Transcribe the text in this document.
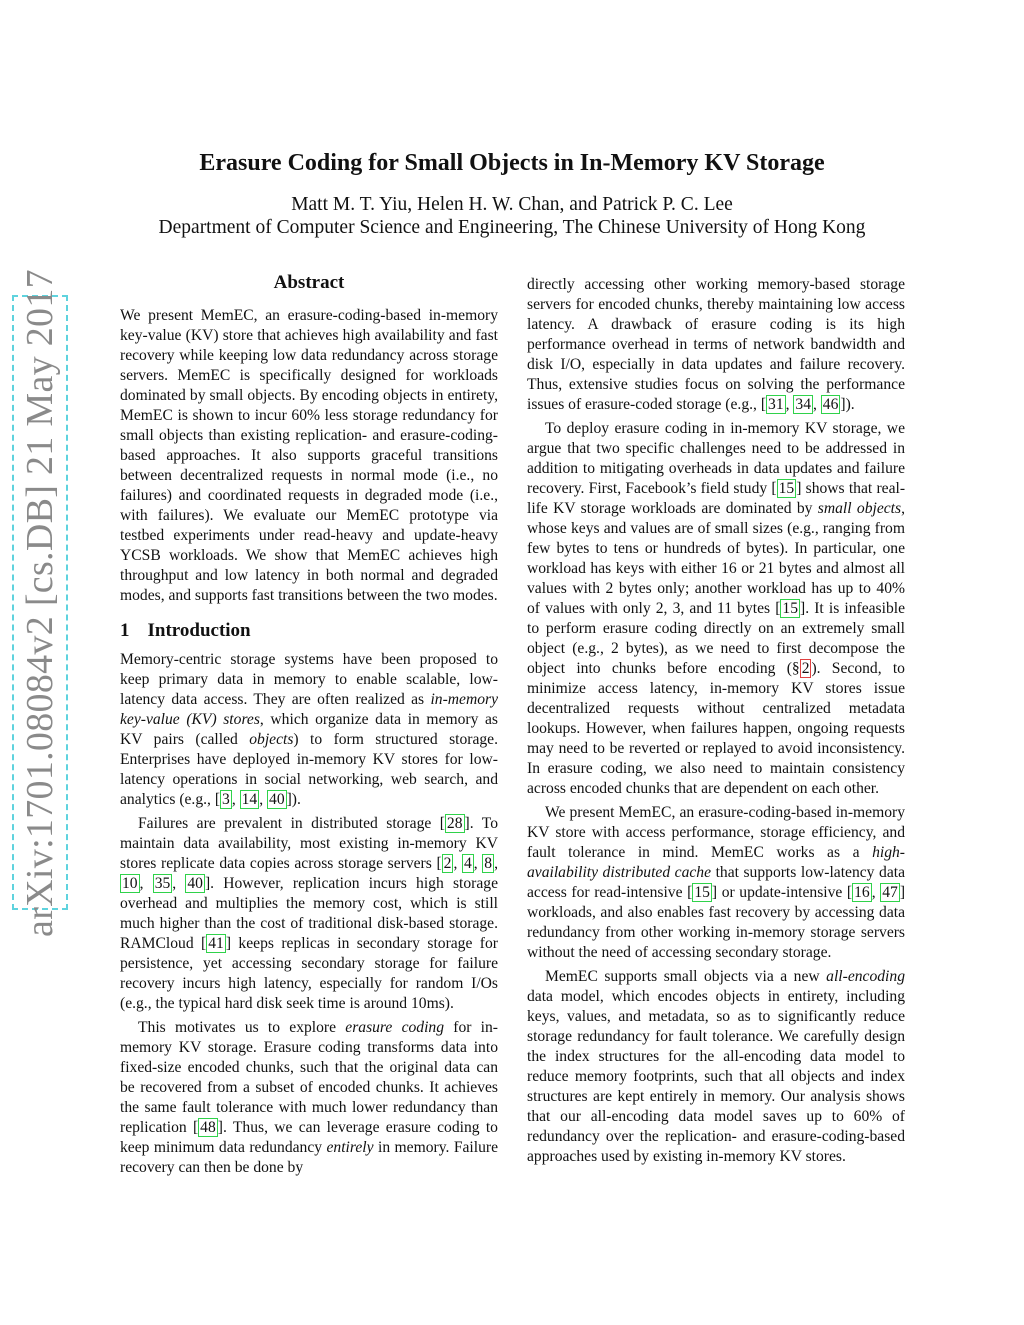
arXiv:1701.08084v2 [cs.DB] 21 May 2017
Erasure Coding for Small Objects in In-Memory KV Storage

Matt M. T. Yiu, Helen H. W. Chan, and Patrick P. C. Lee

Department of Computer Science and Engineering, The Chinese University of Hong Kong

Abstract

We present MemEC, an erasure-coding-based in-memory key-value (KV) store that achieves high availability and fast recovery while keeping low data redundancy across storage servers. MemEC is specifically designed for workloads dominated by small objects. By encoding objects in entirety, MemEC is shown to incur 60% less storage redundancy for small objects than existing replication- and erasure-coding-based approaches. It also supports graceful transitions between decentralized requests in normal mode (i.e., no failures) and coordinated requests in degraded mode (i.e., with failures). We evaluate our MemEC prototype via testbed experiments under read-heavy and update-heavy YCSB workloads. We show that MemEC achieves high throughput and low latency in both normal and degraded modes, and supports fast transitions between the two modes.

1 Introduction

Memory-centric storage systems have been proposed to keep primary data in memory to enable scalable, low-latency data access. They are often realized as in-memory key-value (KV) stores, which organize data in memory as KV pairs (called objects) to form structured storage. Enterprises have deployed in-memory KV stores for low-latency operations in social networking, web search, and analytics (e.g., [ 3 , 14 , 40 ]).

Failures are prevalent in distributed storage [ 28 ]. To maintain data availability, most existing in-memory KV stores replicate data copies across storage servers [ 2 , 4 , 8 , 10 , 35 , 40 ]. However, replication incurs high storage overhead and multiplies the memory cost, which is still much higher than the cost of traditional disk-based storage. RAMCloud [ 41 ] keeps replicas in secondary storage for persistence, yet accessing secondary storage for failure recovery incurs high latency, especially for random I/Os (e.g., the typical hard disk seek time is around 10ms).

This motivates us to explore erasure coding for in-memory KV storage. Erasure coding transforms data into fixed-size encoded chunks, such that the original data can be recovered from a subset of encoded chunks. It achieves the same fault tolerance with much lower redundancy than replication [ 48 ]. Thus, we can leverage erasure coding to keep minimum data redundancy entirely in memory. Failure recovery can then be done by

directly accessing other working memory-based storage servers for encoded chunks, thereby maintaining low access latency. A drawback of erasure coding is its high performance overhead in terms of network bandwidth and disk I/O, especially in data updates and failure recovery. Thus, extensive studies focus on solving the performance issues of erasure-coded storage (e.g., [ 31 , 34 , 46 ]).

To deploy erasure coding in in-memory KV storage, we argue that two specific challenges need to be addressed in addition to mitigating overheads in data updates and failure recovery. First, Facebook’s field study [ 15 ] shows that real-life KV storage workloads are dominated by small objects, whose keys and values are of small sizes (e.g., ranging from few bytes to tens or hundreds of bytes). In particular, one workload has keys with either 16 or 21 bytes and almost all values with 2 bytes only; another workload has up to 40% of values with only 2, 3, and 11 bytes [ 15 ]. It is infeasible to perform erasure coding directly on an extremely small object (e.g., 2 bytes), as we need to first decompose the object into chunks before encoding (§ 2 ). Second, to minimize access latency, in-memory KV stores issue decentralized requests without centralized metadata lookups. However, when failures happen, ongoing requests may need to be reverted or replayed to avoid inconsistency. In erasure coding, we also need to maintain consistency across encoded chunks that are dependent on each other.

We present MemEC, an erasure-coding-based in-memory KV store with access performance, storage efficiency, and fault tolerance in mind. MemEC works as a high-availability distributed cache that supports low-latency data access for read-intensive [ 15 ] or update-intensive [ 16 , 47 ] workloads, and also enables fast recovery by accessing data redundancy from other working in-memory storage servers without the need of accessing secondary storage.

MemEC supports small objects via a new all-encoding data model, which encodes objects in entirety, including keys, values, and metadata, so as to significantly reduce storage redundancy for fault tolerance. We carefully design the index structures for the all-encoding data model to reduce memory footprints, such that all objects and index structures are kept entirely in memory. Our analysis shows that our all-encoding data model saves up to 60% of redundancy over the replication- and erasure-coding-based approaches used by existing in-memory KV stores.
